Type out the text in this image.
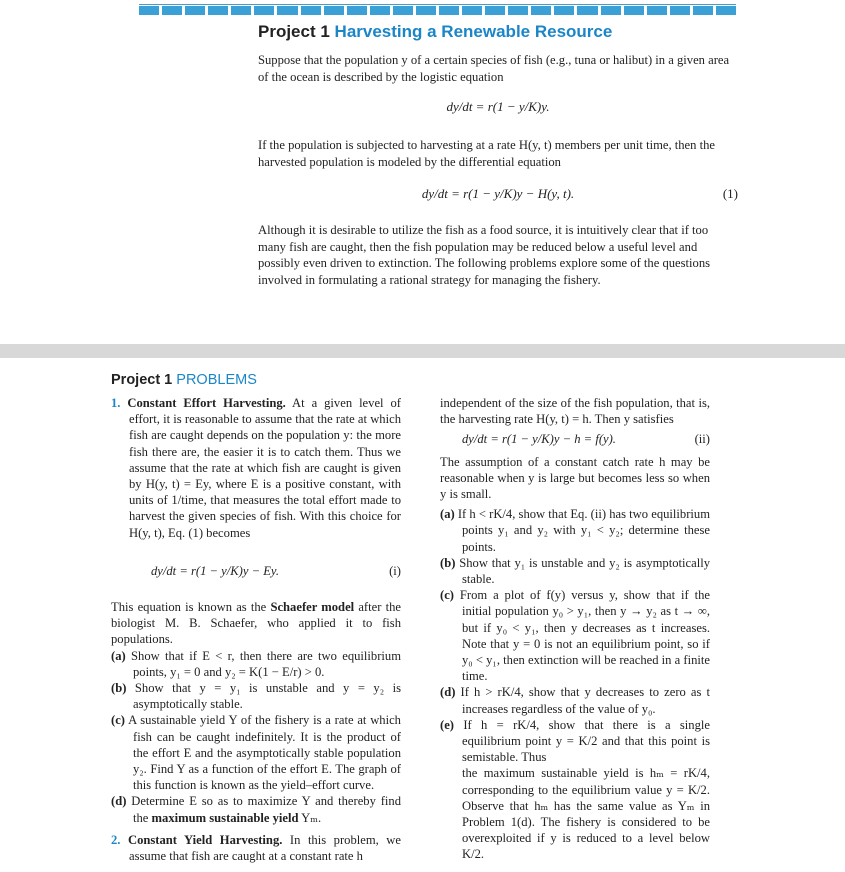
Project 1 Harvesting a Renewable Resource

Suppose that the population y of a certain species of fish (e.g., tuna or halibut) in a given area of the ocean is described by the logistic equation

dy/dt = r(1 − y/K)y.

If the population is subjected to harvesting at a rate H(y, t) members per unit time, then the harvested population is modeled by the differential equation

dy/dt = r(1 − y/K)y − H(y, t).	(1)

Although it is desirable to utilize the fish as a food source, it is intuitively clear that if too many fish are caught, then the fish population may be reduced below a useful level and possibly even driven to extinction. The following problems explore some of the questions involved in formulating a rational strategy for managing the fishery.

Project 1 PROBLEMS

1. Constant Effort Harvesting. At a given level of effort, it is reasonable to assume that the rate at which fish are caught depends on the population y: the more fish there are, the easier it is to catch them. Thus we assume that the rate at which fish are caught is given by H(y, t) = Ey, where E is a positive constant, with units of 1/time, that measures the total effort made to harvest the given species of fish. With this choice for H(y, t), Eq. (1) becomes

dy/dt = r(1 − y/K)y − Ey.	(i)

This equation is known as the Schaefer model after the biologist M. B. Schaefer, who applied it to fish populations.

(a) Show that if E < r, then there are two equilibrium points, y₁ = 0 and y₂ = K(1 − E/r) > 0.

(b) Show that y = y₁ is unstable and y = y₂ is asymptotically stable.

(c) A sustainable yield Y of the fishery is a rate at which fish can be caught indefinitely. It is the product of the effort E and the asymptotically stable population y₂. Find Y as a function of the effort E. The graph of this function is known as the yield–effort curve.

(d) Determine E so as to maximize Y and thereby find the maximum sustainable yield Yₘ.

2. Constant Yield Harvesting. In this problem, we assume that fish are caught at a constant rate h

independent of the size of the fish population, that is, the harvesting rate H(y, t) = h. Then y satisfies

dy/dt = r(1 − y/K)y − h = f(y).	(ii)

The assumption of a constant catch rate h may be reasonable when y is large but becomes less so when y is small.

(a) If h < rK/4, show that Eq. (ii) has two equilibrium points y₁ and y₂ with y₁ < y₂; determine these points.

(b) Show that y₁ is unstable and y₂ is asymptotically stable.

(c) From a plot of f(y) versus y, show that if the initial population y₀ > y₁, then y → y₂ as t → ∞, but if y₀ < y₁, then y decreases as t increases. Note that y = 0 is not an equilibrium point, so if y₀ < y₁, then extinction will be reached in a finite time.

(d) If h > rK/4, show that y decreases to zero as t increases regardless of the value of y₀.

(e) If h = rK/4, show that there is a single equilibrium point y = K/2 and that this point is semistable. Thus

the maximum sustainable yield is hₘ = rK/4, corresponding to the equilibrium value y = K/2. Observe that hₘ has the same value as Yₘ in Problem 1(d). The fishery is considered to be overexploited if y is reduced to a level below K/2.
